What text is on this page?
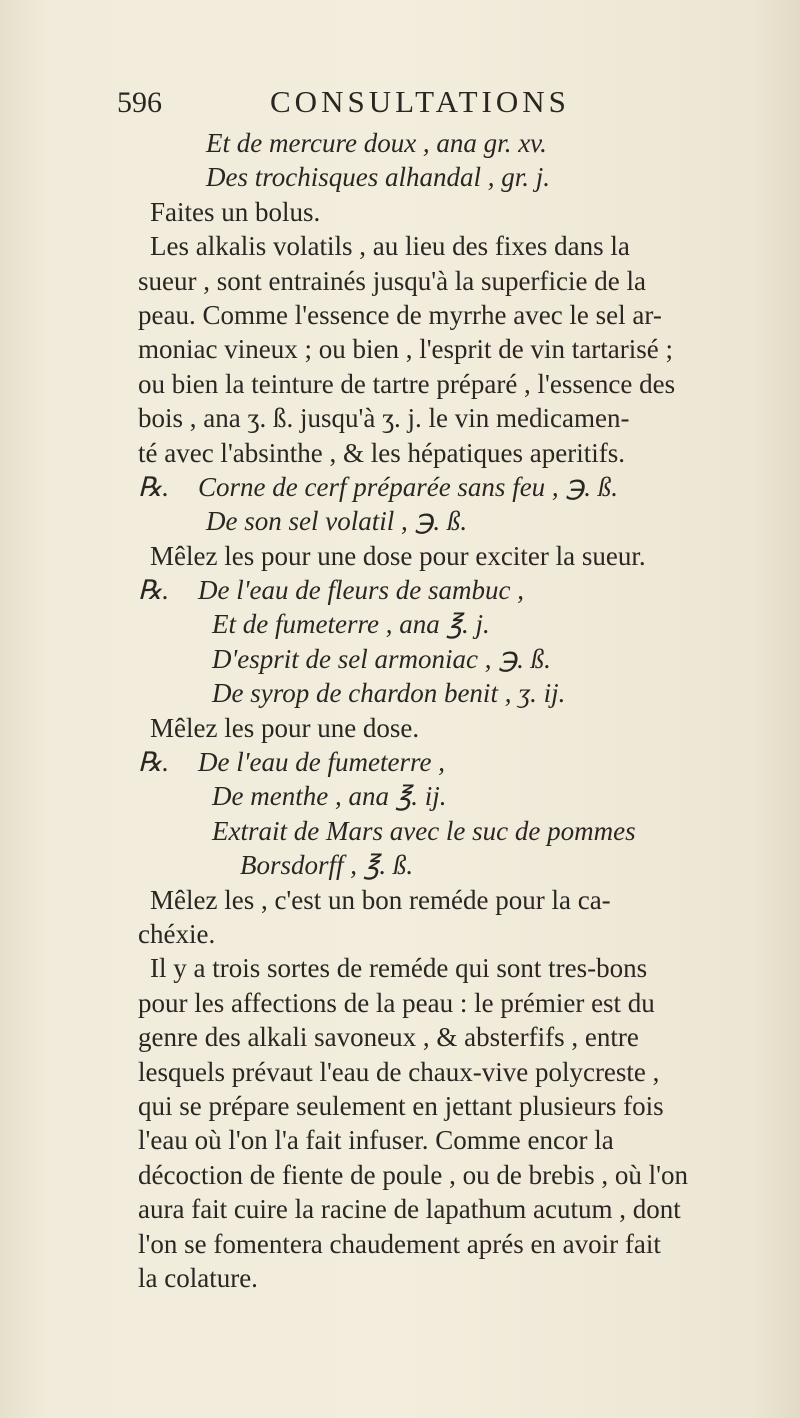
596	CONSULTATIONS
Et de mercure doux , ana gr. xv.
Des trochisques alhandal , gr. j.
Faites un bolus.
Les alkalis volatils , au lieu des fixes dans la
sueur , sont entrainés jusqu'à la superficie de la
peau. Comme l'essence de myrrhe avec le sel ar-
moniac vineux ; ou bien , l'esprit de vin tartarisé ;
ou bien la teinture de tartre préparé , l'essence des
bois , ana ʒ. ß. jusqu'à ʒ. j. le vin medicamen-
té avec l'absinthe , & les hépatiques aperitifs.
℞. Corne de cerf préparée sans feu , ℈. ß.
De son sel volatil , ℈. ß.
Mêlez les pour une dose pour exciter la sueur.
℞. De l'eau de fleurs de sambuc ,
Et de fumeterre , ana ℥. j.
D'esprit de sel armoniac , ℈. ß.
De syrop de chardon benit , ʒ. ij.
Mêlez les pour une dose.
℞. De l'eau de fumeterre ,
De menthe , ana ℥. ij.
Extrait de Mars avec le suc de pommes
Borsdorff , ℥. ß.
Mêlez les , c'est un bon reméde pour la ca-
chéxie.
Il y a trois sortes de reméde qui sont tres-bons
pour les affections de la peau : le prémier est du
genre des alkali savoneux , & absterfifs , entre
lesquels prévaut l'eau de chaux-vive polycreste ,
qui se prépare seulement en jettant plusieurs fois
l'eau où l'on l'a fait infuser. Comme encor la
décoction de fiente de poule , ou de brebis , où l'on
aura fait cuire la racine de lapathum acutum , dont
l'on se fomentera chaudement aprés en avoir fait
la colature.
